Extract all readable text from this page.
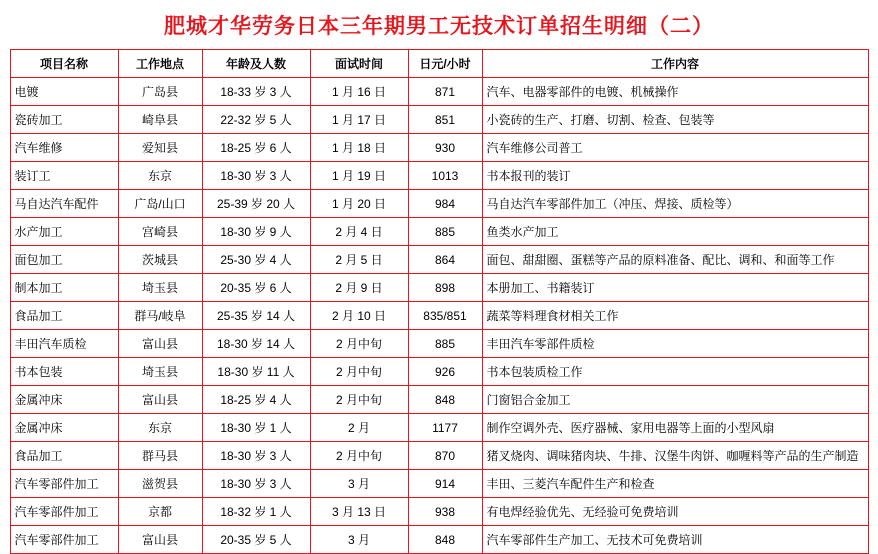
肥城才华劳务日本三年期男工无技术订单招生明细（二）
项目名称	工作地点	年龄及人数	面试时间	日元/小时	工作内容
电镀	广岛县	18-33 岁 3 人	1 月 16 日	871	汽车、电器零部件的电镀、机械操作
瓷砖加工	崎阜县	22-32 岁 5 人	1 月 17 日	851	小瓷砖的生产、打磨、切割、检查、包装等
汽车维修	爱知县	18-25 岁 6 人	1 月 18 日	930	汽车维修公司普工
装订工	东京	18-30 岁 3 人	1 月 19 日	1013	书本报刊的装订
马自达汽车配件	广岛/山口	25-39 岁 20 人	1 月 20 日	984	马自达汽车零部件加工（冲压、焊接、质检等）
水产加工	宫崎县	18-30 岁 9 人	2 月 4 日	885	鱼类水产加工
面包加工	茨城县	25-30 岁 4 人	2 月 5 日	864	面包、甜甜圈、蛋糕等产品的原料准备、配比、调和、和面等工作
制本加工	埼玉县	20-35 岁 6 人	2 月 9 日	898	本册加工、书籍装订
食品加工	群马/岐阜	25-35 岁 14 人	2 月 10 日	835/851	蔬菜等料理食材相关工作
丰田汽车质检	富山县	18-30 岁 14 人	2 月中旬	885	丰田汽车零部件质检
书本包装	埼玉县	18-30 岁 11 人	2 月中旬	926	书本包装质检工作
金属冲床	富山县	18-25 岁 4 人	2 月中旬	848	门窗铝合金加工
金属冲床	东京	18-30 岁 1 人	2 月	1177	制作空调外壳、医疗器械、家用电器等上面的小型风扇
食品加工	群马县	18-30 岁 3 人	2 月中旬	870	猪叉烧肉、调味猪肉块、牛排、汉堡牛肉饼、咖喱料等产品的生产制造
汽车零部件加工	滋贺县	18-30 岁 3 人	3 月	914	丰田、三菱汽车配件生产和检查
汽车零部件加工	京都	18-32 岁 1 人	3 月 13 日	938	有电焊经验优先、无经验可免费培训
汽车零部件加工	富山县	20-35 岁 5 人	3 月	848	汽车零部件生产加工、无技术可免费培训
